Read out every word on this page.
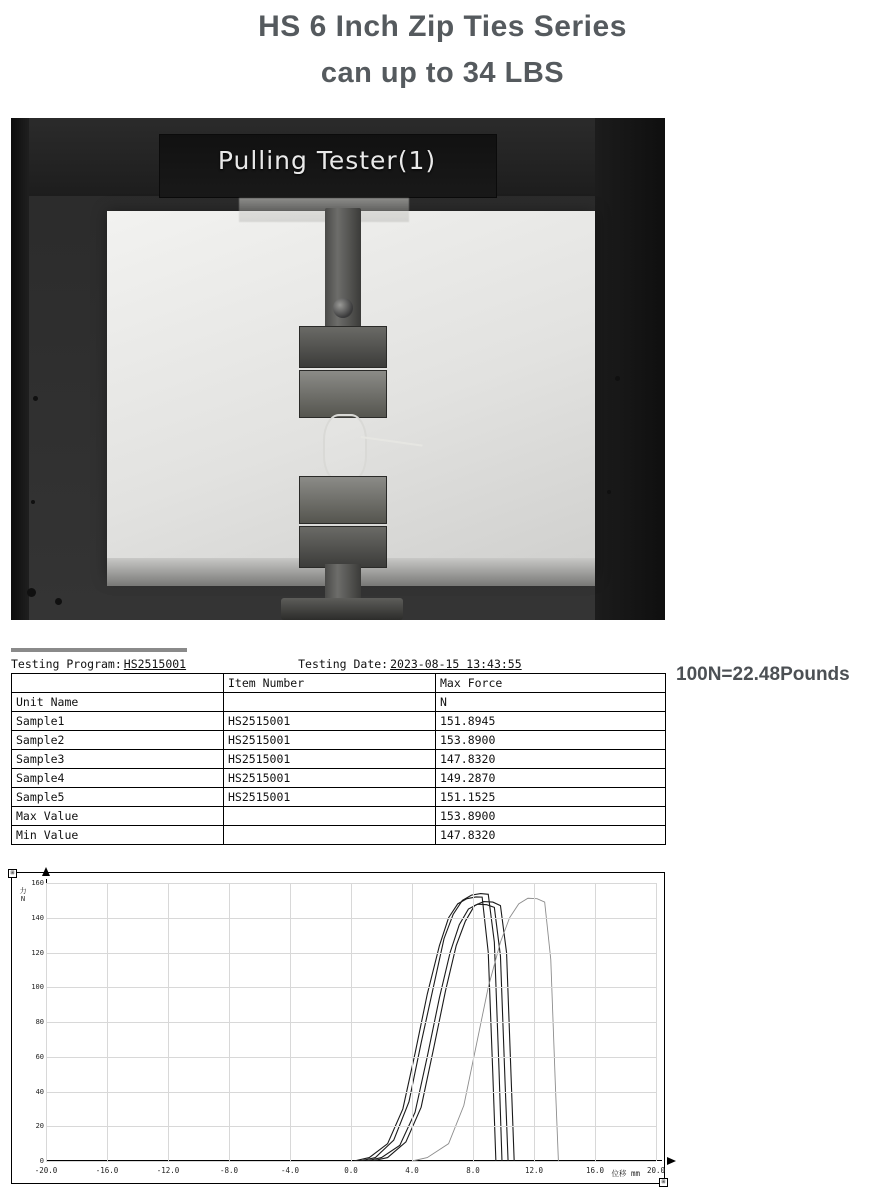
HS 6 Inch Zip Ties Series
can up to 34 LBS
Pulling Tester(1)
100N=22.48Pounds
Testing Program: HS2515001	Testing Date: 2023-08-15 13:43:55
	Item Number	Max Force
Unit Name		N
Sample1	HS2515001	151.8945
Sample2	HS2515001	153.8900
Sample3	HS2515001	147.8320
Sample4	HS2515001	149.2870
Sample5	HS2515001	151.1525
Max Value		153.8900
Min Value		147.8320
⊞
⊞
力
N
位移 mm
-20.0	-16.0	-12.0	-8.0	-4.0	0.0	4.0	8.0	12.0	16.0	20.0
160
140
120
100
80
60
40
20
0
